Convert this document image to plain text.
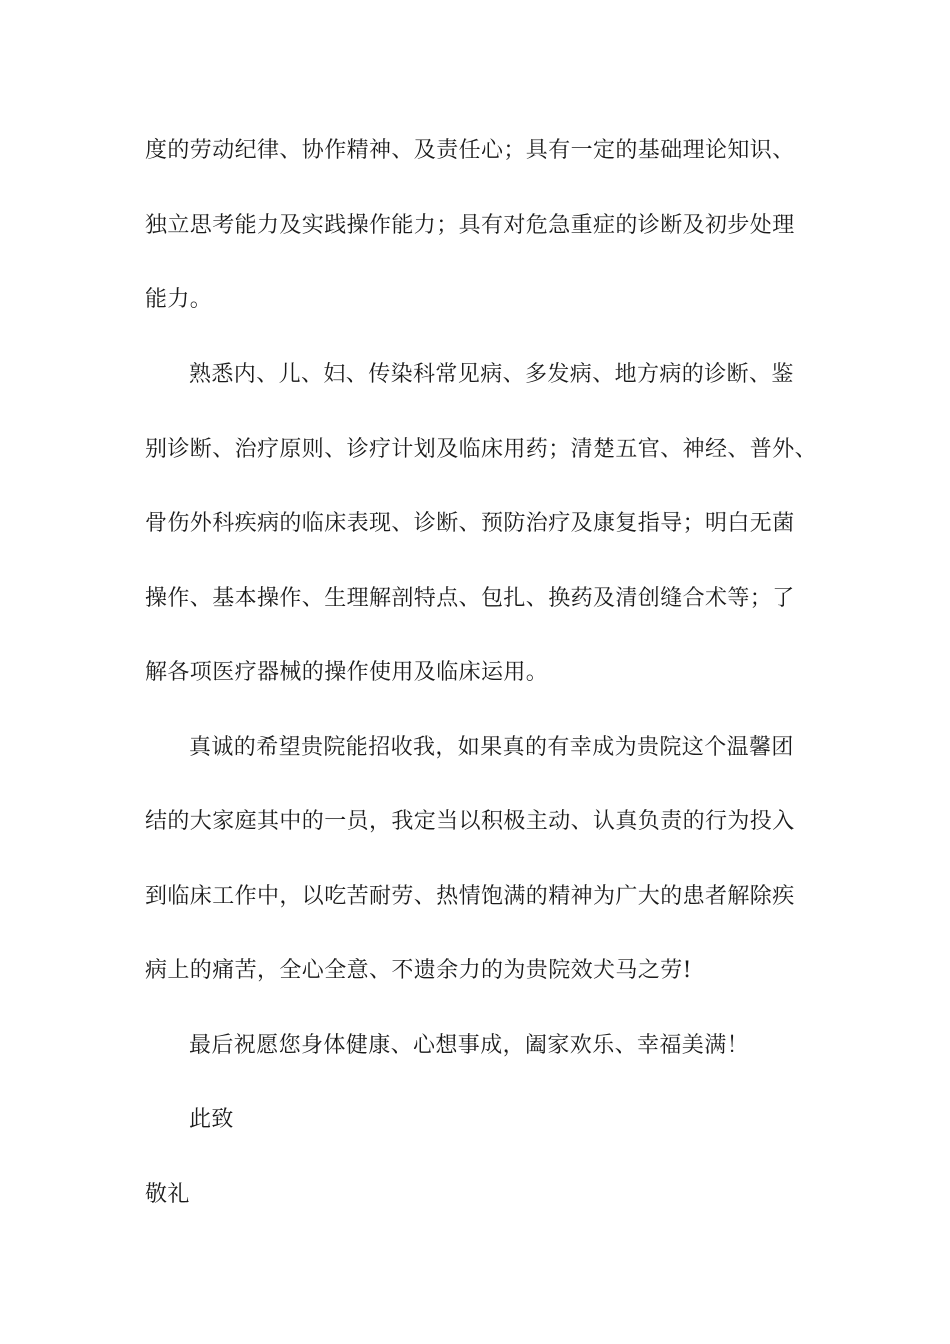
度的劳动纪律、协作精神、及责任心；具有一定的基础理论知识、

独立思考能力及实践操作能力；具有对危急重症的诊断及初步处理

能力。

熟悉内、儿、妇、传染科常见病、多发病、地方病的诊断、鉴

别诊断、治疗原则、诊疗计划及临床用药；清楚五官、神经、普外、

骨伤外科疾病的临床表现、诊断、预防治疗及康复指导；明白无菌

操作、基本操作、生理解剖特点、包扎、换药及清创缝合术等；了

解各项医疗器械的操作使用及临床运用。

真诚的希望贵院能招收我，如果真的有幸成为贵院这个温馨团

结的大家庭其中的一员，我定当以积极主动、认真负责的行为投入

到临床工作中，以吃苦耐劳、热情饱满的精神为广大的患者解除疾

病上的痛苦，全心全意、不遗余力的为贵院效犬马之劳!

最后祝愿您身体健康、心想事成，阖家欢乐、幸福美满！

此致

敬礼
